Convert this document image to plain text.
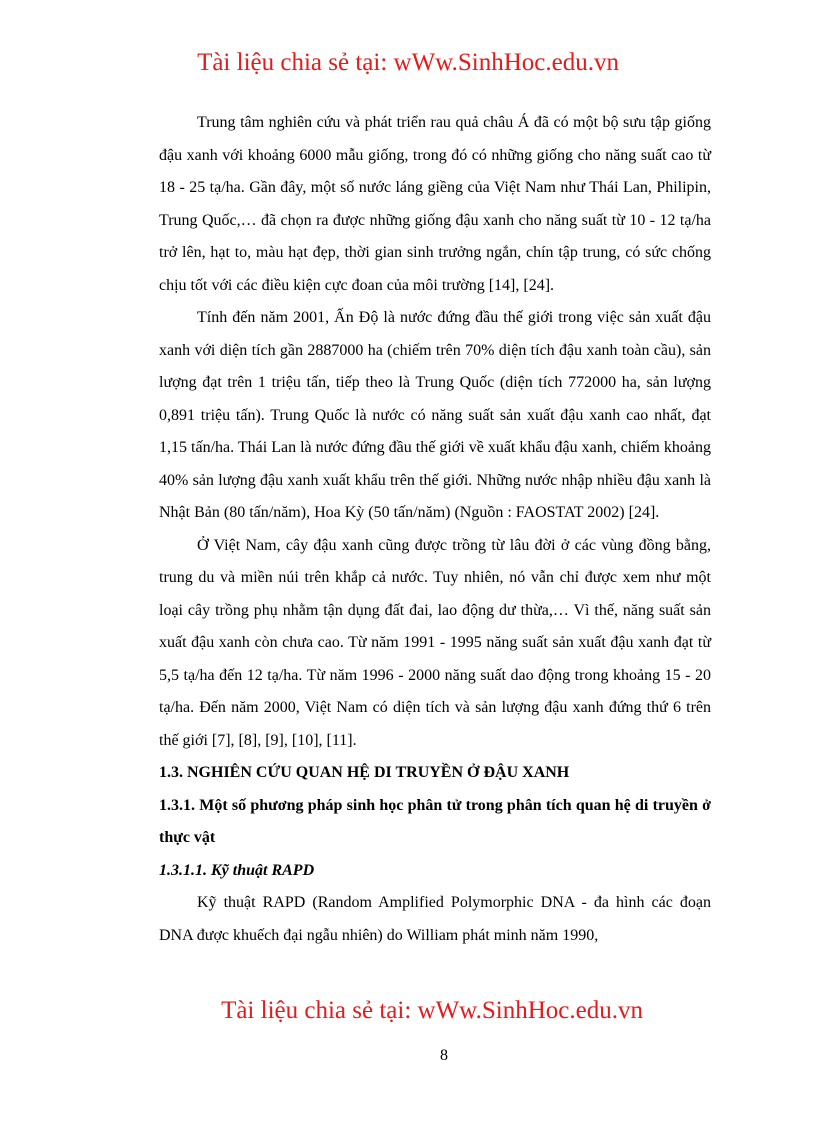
Tài liệu chia sẻ tại: wWw.SinhHoc.edu.vn

Trung tâm nghiên cứu và phát triển rau quả châu Á đã có một bộ sưu tập giống đậu xanh với khoảng 6000 mẫu giống, trong đó có những giống cho năng suất cao từ 18 - 25 tạ/ha. Gần đây, một số nước láng giềng của Việt Nam như Thái Lan, Philipin, Trung Quốc,… đã chọn ra được những giống đậu xanh cho năng suất từ 10 - 12 tạ/ha trở lên, hạt to, màu hạt đẹp, thời gian sinh trưởng ngắn, chín tập trung, có sức chống chịu tốt với các điều kiện cực đoan của môi trường [14], [24].

Tính đến năm 2001, Ấn Độ là nước đứng đầu thế giới trong việc sản xuất đậu xanh với diện tích gần 2887000 ha (chiếm trên 70% diện tích đậu xanh toàn cầu), sản lượng đạt trên 1 triệu tấn, tiếp theo là Trung Quốc (diện tích 772000 ha, sản lượng 0,891 triệu tấn). Trung Quốc là nước có năng suất sản xuất đậu xanh cao nhất, đạt 1,15 tấn/ha. Thái Lan là nước đứng đầu thế giới về xuất khẩu đậu xanh, chiếm khoảng 40% sản lượng đậu xanh xuất khẩu trên thế giới. Những nước nhập nhiều đậu xanh là Nhật Bản (80 tấn/năm), Hoa Kỳ (50 tấn/năm) (Nguồn : FAOSTAT 2002) [24].

Ở Việt Nam, cây đậu xanh cũng được trồng từ lâu đời ở các vùng đồng bằng, trung du và miền núi trên khắp cả nước. Tuy nhiên, nó vẫn chỉ được xem như một loại cây trồng phụ nhằm tận dụng đất đai, lao động dư thừa,… Vì thế, năng suất sản xuất đậu xanh còn chưa cao. Từ năm 1991 - 1995 năng suất sản xuất đậu xanh đạt từ 5,5 tạ/ha đến 12 tạ/ha. Từ năm 1996 - 2000 năng suất dao động trong khoảng 15 - 20 tạ/ha. Đến năm 2000, Việt Nam có diện tích và sản lượng đậu xanh đứng thứ 6 trên thế giới [7], [8], [9], [10], [11].

1.3. NGHIÊN CỨU QUAN HỆ DI TRUYỀN Ở ĐẬU XANH

1.3.1. Một số phương pháp sinh học phân tử trong phân tích quan hệ di truyền ở thực vật

1.3.1.1. Kỹ thuật RAPD

Kỹ thuật RAPD (Random Amplified Polymorphic DNA - đa hình các đoạn DNA được khuếch đại ngẫu nhiên) do William phát minh năm 1990,

Tài liệu chia sẻ tại: wWw.SinhHoc.edu.vn
8
